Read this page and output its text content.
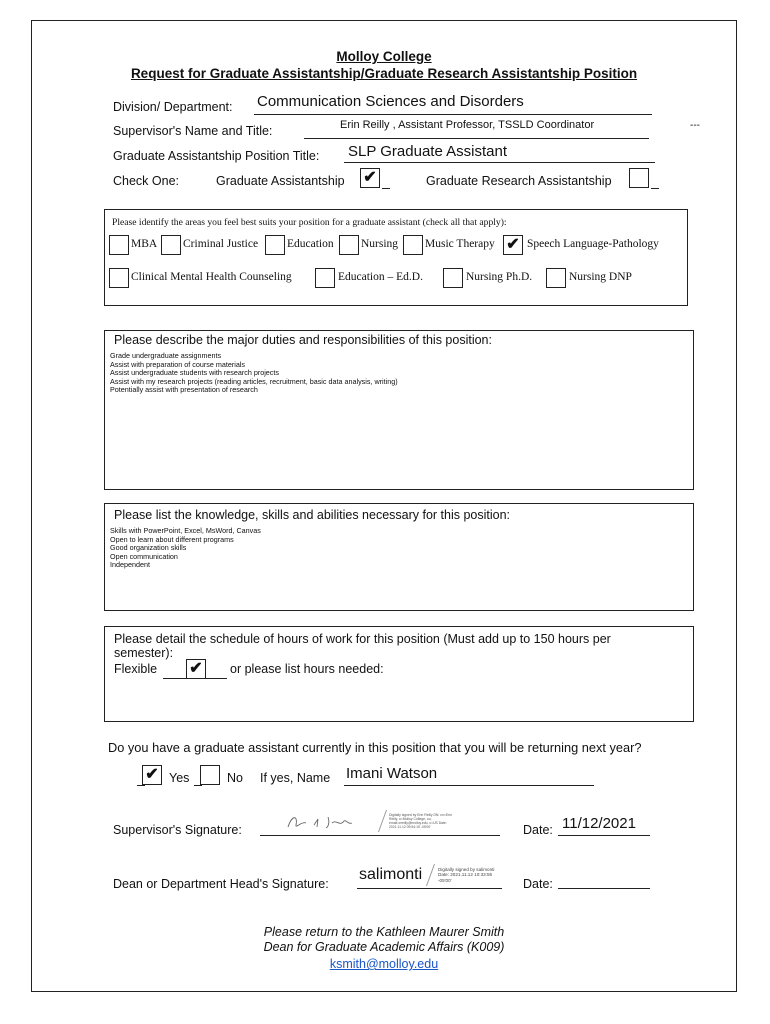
Molloy College
Request for Graduate Assistantship/Graduate Research Assistantship Position
Division/ Department: Communication Sciences and Disorders
Supervisor's Name and Title:	Erin Reilly , Assistant Professor, TSSLD Coordinator	---
Graduate Assistantship Position Title: SLP Graduate Assistant
Check One:	Graduate Assistantship ✔	Graduate Research Assistantship
Please identify the areas you feel best suits your position for a graduate assistant (check all that apply):
MBA Criminal Justice	Education Nursing Music Therapy ✔ Speech Language-Pathology
Clinical Mental Health Counseling	Education – Ed.D.	Nursing Ph.D.	Nursing DNP
Please describe the major duties and responsibilities of this position:
Grade undergraduate assignments
Assist with preparation of course materials
Assist undergraduate students with research projects
Assist with my research projects (reading articles, recruitment, basic data analysis, writing)
Potentially assist with presentation of research
Please list the knowledge, skills and abilities necessary for this position:
Skills with PowerPoint, Excel, MsWord, Canvas
Open to learn about different programs
Good organization skills
Open communication
Independent
Please detail the schedule of hours of work for this position (Must add up to 150 hours per
semester):
Flexible ✔ or please list hours needed:
Do you have a graduate assistant currently in this position that you will be returning next year?
✔ Yes	No If yes, Name Imani Watson
Supervisor's Signature:
Digitally signed by Erin Reilly DN: cn=Erin Reilly, o=Molloy College, ou, email=ereilly@molloy.edu, c=US Date: 2021.11.12 09:54:19 -05'00'	Date: 11/12/2021
Dean or Department Head's Signature:
salimonti	Digitally signed by salimonti Date: 2021.11.12 10:33:55 -05'00'	Date:
Please return to the Kathleen Maurer Smith
Dean for Graduate Academic Affairs (K009)
ksmith@molloy.edu
